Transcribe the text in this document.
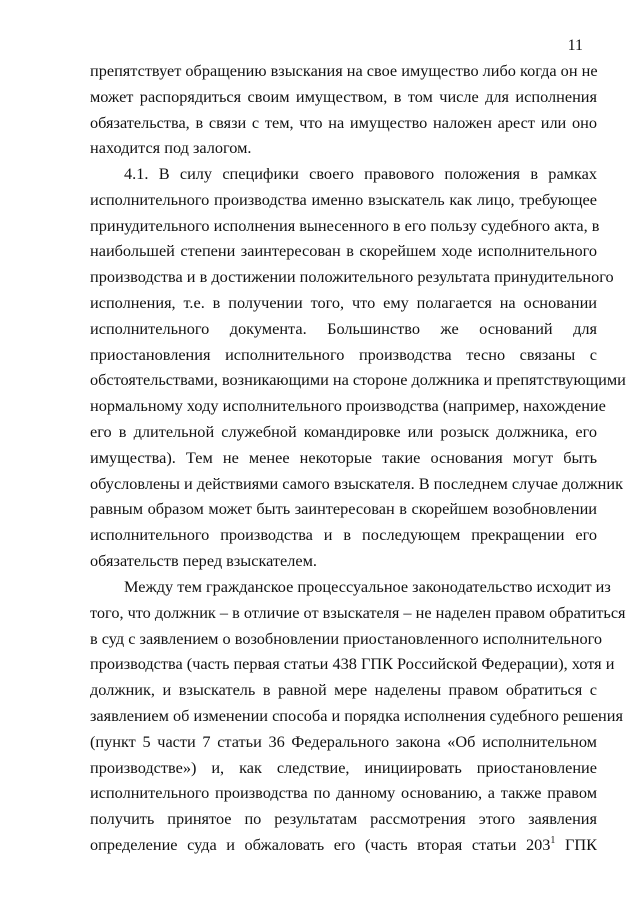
11
препятствует обращению взыскания на свое имущество либо когда он не
может распорядиться своим имуществом, в том числе для исполнения
обязательства, в связи с тем, что на имущество наложен арест или оно
находится под залогом.
4.1. В силу специфики своего правового положения в рамках
исполнительного производства именно взыскатель как лицо, требующее
принудительного исполнения вынесенного в его пользу судебного акта, в
наибольшей степени заинтересован в скорейшем ходе исполнительного
производства и в достижении положительного результата принудительного
исполнения, т.е. в получении того, что ему полагается на основании
исполнительного документа. Большинство же оснований для
приостановления исполнительного производства тесно связаны с
обстоятельствами, возникающими на стороне должника и препятствующими
нормальному ходу исполнительного производства (например, нахождение
его в длительной служебной командировке или розыск должника, его
имущества). Тем не менее некоторые такие основания могут быть
обусловлены и действиями самого взыскателя. В последнем случае должник
равным образом может быть заинтересован в скорейшем возобновлении
исполнительного производства и в последующем прекращении его
обязательств перед взыскателем.
Между тем гражданское процессуальное законодательство исходит из
того, что должник – в отличие от взыскателя – не наделен правом обратиться
в суд с заявлением о возобновлении приостановленного исполнительного
производства (часть первая статьи 438 ГПК Российской Федерации), хотя и
должник, и взыскатель в равной мере наделены правом обратиться с
заявлением об изменении способа и порядка исполнения судебного решения
(пункт 5 части 7 статьи 36 Федерального закона «Об исполнительном
производстве») и, как следствие, инициировать приостановление
исполнительного производства по данному основанию, а также правом
получить принятое по результатам рассмотрения этого заявления
определение суда и обжаловать его (часть вторая статьи $203^1$ ГПК
